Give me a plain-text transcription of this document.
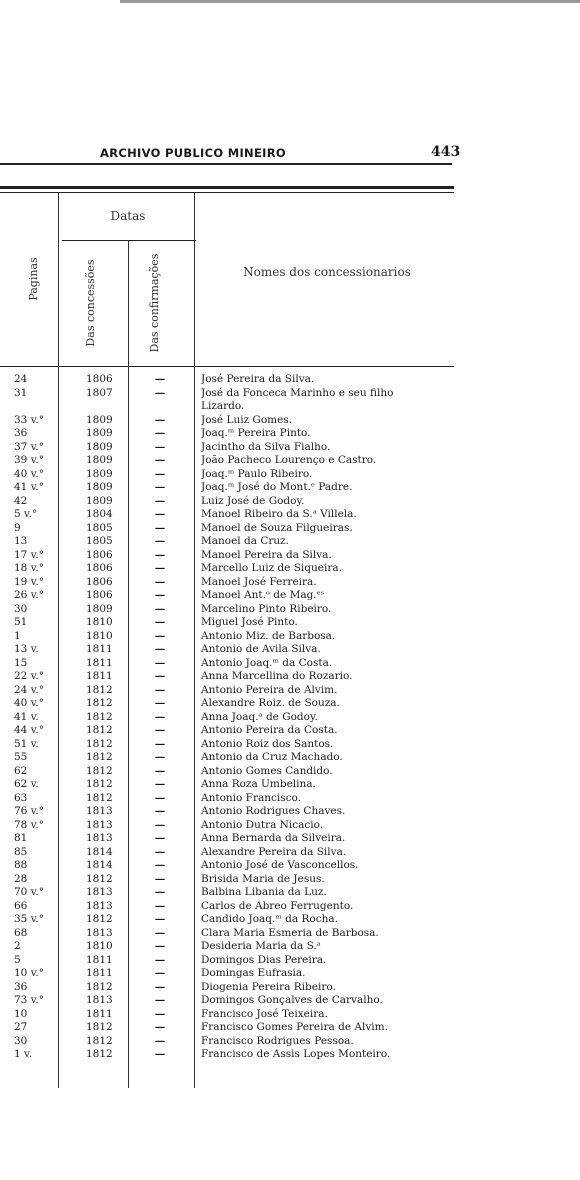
ARCHIVO PUBLICO MINEIRO	443
Paginas
Datas
Das concessões	Das confirmações	Nomes dos concessionarios
24	1806	—	José Pereira da Silva.
31	1807	—	José da Fonceca Marinho e seu filho
Lizardo.
33 v.°	1809	—	José Luiz Gomes.
36	1809	—	Joaq.ᵐ Pereira Pinto.
37 v.°	1809	—	Jacintho da Silva Fialho.
39 v.°	1809	—	João Pacheco Lourenço e Castro.
40 v.°	1809	—	Joaq.ᵐ Paulo Ribeiro.
41 v.°	1809	—	Joaq.ᵐ José do Mont.ᵉ Padre.
42	1809	—	Luiz José de Godoy.
5 v.°	1804	—	Manoel Ribeiro da S.ᵃ Villela.
9	1805	—	Manoel de Souza Filgueiras.
13	1805	—	Manoel da Cruz.
17 v.°	1806	—	Manoel Pereira da Silva.
18 v.°	1806	—	Marcello Luiz de Siqueira.
19 v.°	1806	—	Manoel José Ferreira.
26 v.°	1806	—	Manoel Ant.ᵒ de Mag.ᵉˢ
30	1809	—	Marcelino Pinto Ribeiro.
51	1810	—	Miguel José Pinto.
1	1810	—	Antonio Miz. de Barbosa.
13 v.	1811	—	Antonio de Avila Silva.
15	1811	—	Antonio Joaq.ᵐ da Costa.
22 v.°	1811	—	Anna Marcellina do Rozario.
24 v.°	1812	—	Antonio Pereira de Alvim.
40 v.°	1812	—	Alexandre Roiz. de Souza.
41 v.	1812	—	Anna Joaq.ᵃ de Godoy.
44 v.°	1812	—	Antonio Pereira da Costa.
51 v.	1812	—	Antonio Roiz dos Santos.
55	1812	—	Antonio da Cruz Machado.
62	1812	—	Antonio Gomes Candido.
62 v.	1812	—	Anna Roza Umbelina.
63	1812	—	Antonio Francisco.
76 v.°	1813	—	Antonio Rodrigues Chaves.
78 v.°	1813	—	Antonio Dutra Nicacio.
81	1813	—	Anna Bernarda da Silveira.
85	1814	—	Alexandre Pereira da Silva.
88	1814	—	Antonio José de Vasconcellos.
28	1812	—	Brisida Maria de Jesus.
70 v.°	1813	—	Balbina Libania da Luz.
66	1813	—	Carlos de Abreo Ferrugento.
35 v.°	1812	—	Candido Joaq.ᵐ da Rocha.
68	1813	—	Clara Maria Esmeria de Barbosa.
2	1810	—	Desideria Maria da S.ᵃ
5	1811	—	Domingos Dias Pereira.
10 v.°	1811	—	Domingas Eufrasia.
36	1812	—	Diogenia Pereira Ribeiro.
73 v.°	1813	—	Domingos Gonçalves de Carvalho.
10	1811	—	Francisco José Teixeira.
27	1812	—	Francisco Gomes Pereira de Alvim.
30	1812	—	Francisco Rodrigues Pessoa.
1 v.	1812	—	Francisco de Assis Lopes Monteiro.
